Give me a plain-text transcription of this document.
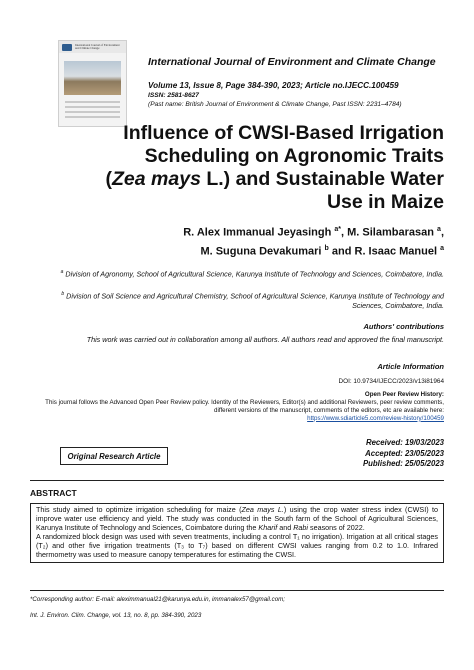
International Journal of Environment and Climate Change
International Journal of Environment and Climate Change
Volume 13, Issue 8, Page 384-390, 2023; Article no.IJECC.100459
ISSN: 2581-8627
(Past name: British Journal of Environment & Climate Change, Past ISSN: 2231–4784)
Influence of CWSI-Based Irrigation
Scheduling on Agronomic Traits
(Zea mays L.) and Sustainable Water
Use in Maize
R. Alex Immanual Jeyasingh $^{a*}$, M. Silambarasan $^a$,
M. Suguna Devakumari $^b$ and R. Isaac Manuel $^a$
$^a$ Division of Agronomy, School of Agricultural Science, Karunya Institute of Technology and Sciences, Coimbatore, India.
$^b$ Division of Soil Science and Agricultural Chemistry, School of Agricultural Science, Karunya Institute of Technology and Sciences, Coimbatore, India.
Authors' contributions
This work was carried out in collaboration among all authors. All authors read and approved the final manuscript.
Article Information
DOI: 10.9734/IJECC/2023/v13i81964
Open Peer Review History:
This journal follows the Advanced Open Peer Review policy. Identity of the Reviewers, Editor(s) and additional Reviewers, peer review comments, different versions of the manuscript, comments of the editors, etc are available here:
https://www.sdiarticle5.com/review-history/100459
Original Research Article
Received: 19/03/2023
Accepted: 23/05/2023
Published: 25/05/2023
ABSTRACT

This study aimed to optimize irrigation scheduling for maize (Zea mays L.) using the crop water stress index (CWSI) to improve water use efficiency and yield. The study was conducted in the South farm of the School of Agricultural Sciences, Karunya Institute of Technology and Sciences, Coimbatore during the Kharif and Rabi seasons of 2022.

A randomized block design was used with seven treatments, including a control T₁ no irrigation). Irrigation at all critical stages (T₂) and other five irrigation treatments (T₃ to T₇) based on different CWSI values ranging from 0.2 to 1.0. Infrared thermometry was used to measure canopy temperatures for estimating the CWSI.

*Corresponding author: E-mail: aleximmanual21@karunya.edu.in, immanalex57@gmail.com;
Int. J. Environ. Clim. Change, vol. 13, no. 8, pp. 384-390, 2023
